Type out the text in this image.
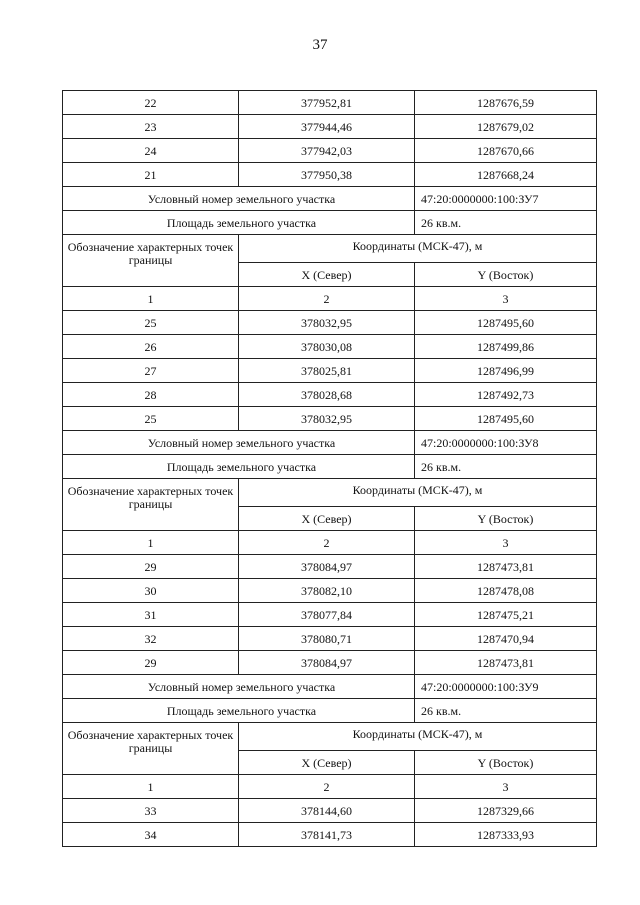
37
22	377952,81	1287676,59
23	377944,46	1287679,02
24	377942,03	1287670,66
21	377950,38	1287668,24
Условный номер земельного участка		47:20:0000000:100:ЗУ7
Площадь земельного участка		26 кв.м.
Обозначение характерных точек границы	Координаты (МСК-47), м	
	X (Север)	Y (Восток)
1	2	3
25	378032,95	1287495,60
26	378030,08	1287499,86
27	378025,81	1287496,99
28	378028,68	1287492,73
25	378032,95	1287495,60
Условный номер земельного участка		47:20:0000000:100:ЗУ8
Площадь земельного участка		26 кв.м.
Обозначение характерных точек границы	Координаты (МСК-47), м	
	X (Север)	Y (Восток)
1	2	3
29	378084,97	1287473,81
30	378082,10	1287478,08
31	378077,84	1287475,21
32	378080,71	1287470,94
29	378084,97	1287473,81
Условный номер земельного участка		47:20:0000000:100:ЗУ9
Площадь земельного участка		26 кв.м.
Обозначение характерных точек границы	Координаты (МСК-47), м	
	X (Север)	Y (Восток)
1	2	3
33	378144,60	1287329,66
34	378141,73	1287333,93
